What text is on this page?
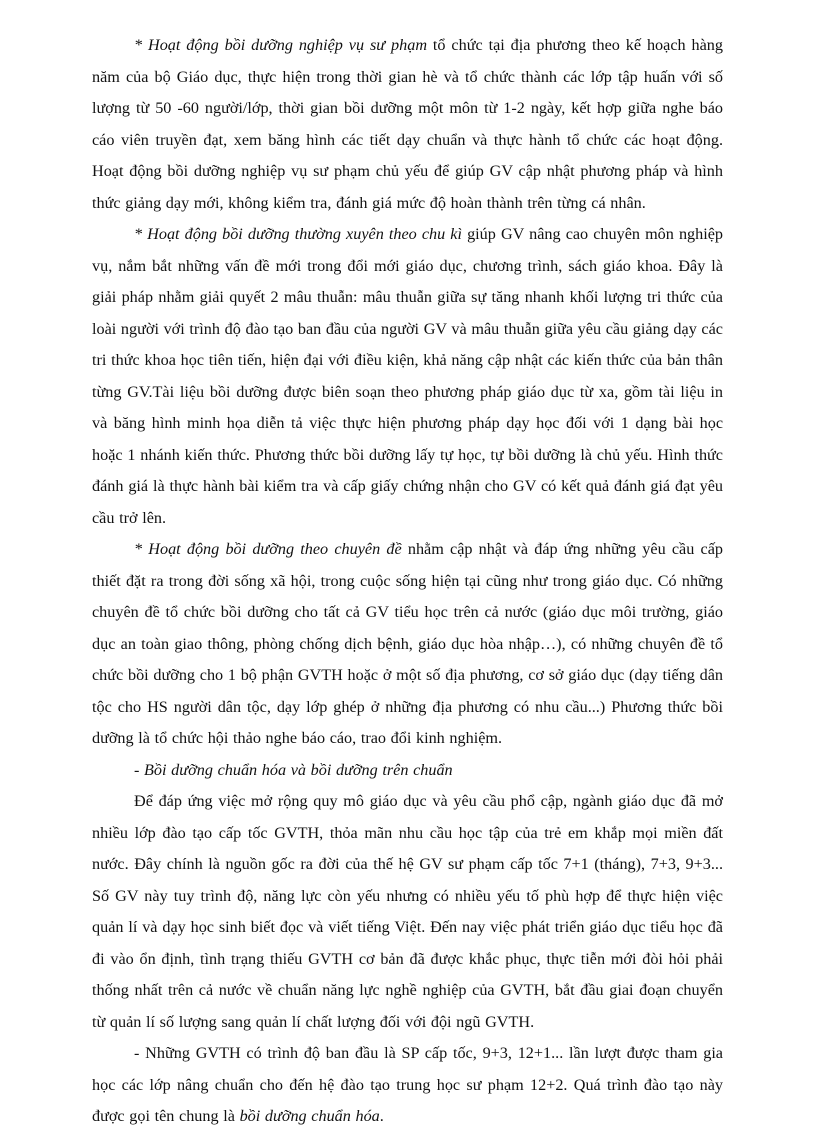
* Hoạt động bồi dưỡng nghiệp vụ sư phạm tổ chức tại địa phương theo kế hoạch hàng năm của bộ Giáo dục, thực hiện trong thời gian hè và tổ chức thành các lớp tập huấn với số lượng từ 50 -60 người/lớp, thời gian bồi dưỡng một môn từ 1-2 ngày, kết hợp giữa nghe báo cáo viên truyền đạt, xem băng hình các tiết dạy chuẩn và thực hành tổ chức các hoạt động. Hoạt động bồi dưỡng nghiệp vụ sư phạm chủ yếu để giúp GV cập nhật phương pháp và hình thức giảng dạy mới, không kiểm tra, đánh giá mức độ hoàn thành trên từng cá nhân.

* Hoạt động bồi dưỡng thường xuyên theo chu kì giúp GV nâng cao chuyên môn nghiệp vụ, nắm bắt những vấn đề mới trong đổi mới giáo dục, chương trình, sách giáo khoa. Đây là giải pháp nhằm giải quyết 2 mâu thuẫn: mâu thuẫn giữa sự tăng nhanh khối lượng tri thức của loài người với trình độ đào tạo ban đầu của người GV và mâu thuẫn giữa yêu cầu giảng dạy các tri thức khoa học tiên tiến, hiện đại với điều kiện, khả năng cập nhật các kiến thức của bản thân từng GV.Tài liệu bồi dưỡng được biên soạn theo phương pháp giáo dục từ xa, gồm tài liệu in và băng hình minh họa diễn tả việc thực hiện phương pháp dạy học đối với 1 dạng bài học hoặc 1 nhánh kiến thức. Phương thức bồi dưỡng lấy tự học, tự bồi dưỡng là chủ yếu. Hình thức đánh giá là thực hành bài kiểm tra và cấp giấy chứng nhận cho GV có kết quả đánh giá đạt yêu cầu trở lên.

* Hoạt động bồi dưỡng theo chuyên đề nhằm cập nhật và đáp ứng những yêu cầu cấp thiết đặt ra trong đời sống xã hội, trong cuộc sống hiện tại cũng như trong giáo dục. Có những chuyên đề tổ chức bồi dưỡng cho tất cả GV tiểu học trên cả nước (giáo dục môi trường, giáo dục an toàn giao thông, phòng chống dịch bệnh, giáo dục hòa nhập…), có những chuyên đề tổ chức bồi dưỡng cho 1 bộ phận GVTH hoặc ở một số địa phương, cơ sở giáo dục (dạy tiếng dân tộc cho HS người dân tộc, dạy lớp ghép ở những địa phương có nhu cầu...) Phương thức bồi dưỡng là tổ chức hội thảo nghe báo cáo, trao đổi kinh nghiệm.

- Bồi dưỡng chuẩn hóa và bồi dưỡng trên chuẩn

Để đáp ứng việc mở rộng quy mô giáo dục và yêu cầu phổ cập, ngành giáo dục đã mở nhiều lớp đào tạo cấp tốc GVTH, thỏa mãn nhu cầu học tập của trẻ em khắp mọi miền đất nước. Đây chính là nguồn gốc ra đời của thế hệ GV sư phạm cấp tốc 7+1 (tháng), 7+3, 9+3... Số GV này tuy trình độ, năng lực còn yếu nhưng có nhiều yếu tố phù hợp để thực hiện việc quản lí và dạy học sinh biết đọc và viết tiếng Việt. Đến nay việc phát triển giáo dục tiểu học đã đi vào ổn định, tình trạng thiếu GVTH cơ bản đã được khắc phục, thực tiễn mới đòi hỏi phải thống nhất trên cả nước về chuẩn năng lực nghề nghiệp của GVTH, bắt đầu giai đoạn chuyển từ quản lí số lượng sang quản lí chất lượng đối với đội ngũ GVTH.

- Những GVTH có trình độ ban đầu là SP cấp tốc, 9+3, 12+1... lần lượt được tham gia học các lớp nâng chuẩn cho đến hệ đào tạo trung học sư phạm 12+2. Quá trình đào tạo này được gọi tên chung là bồi dưỡng chuẩn hóa.
